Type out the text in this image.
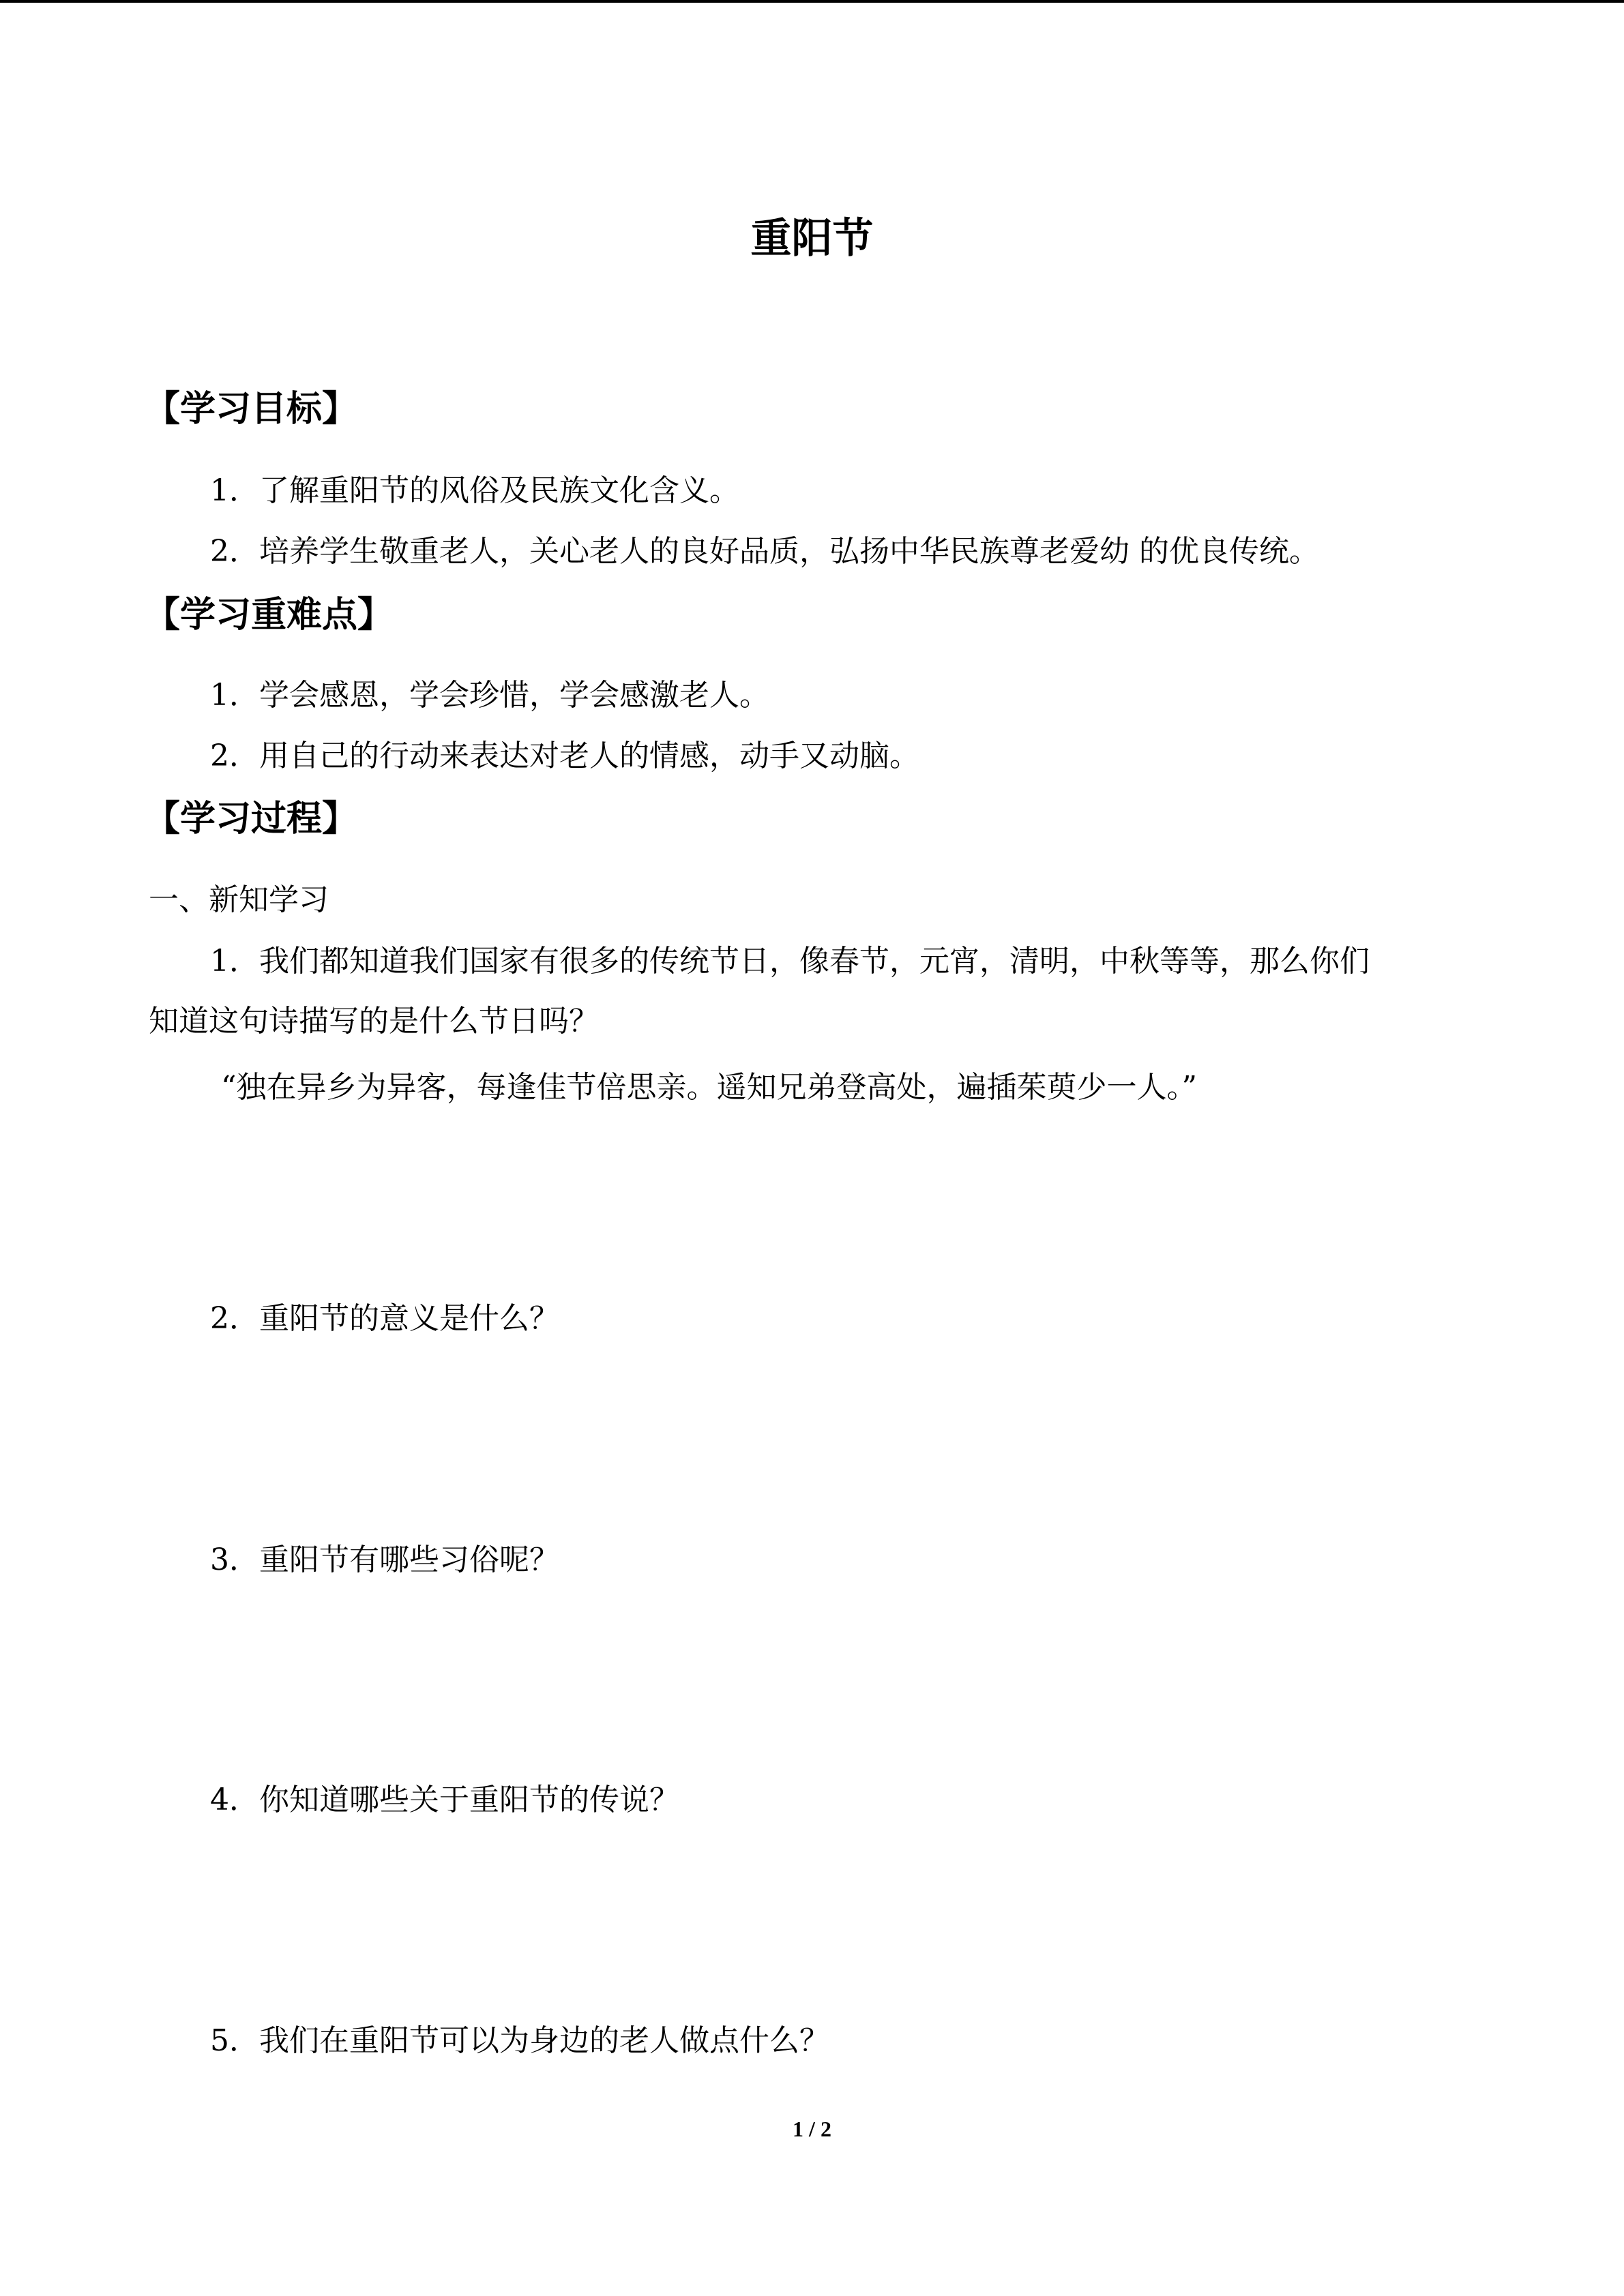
重阳节
【学习目标】

1．了解重阳节的风俗及民族文化含义。

2．培养学生敬重老人，关心老人的良好品质，弘扬中华民族尊老爱幼 的优良传统。

【学习重难点】

1．学会感恩，学会珍惜，学会感激老人。

2．用自己的行动来表达对老人的情感，动手又动脑。

【学习过程】

一、新知学习

1．我们都知道我们国家有很多的传统节日，像春节，元宵，清明，中秋等等，那么你们

知道这句诗描写的是什么节日吗？

“独在异乡为异客，每逢佳节倍思亲。遥知兄弟登高处，遍插茱萸少一人。”

2．重阳节的意义是什么？

3．重阳节有哪些习俗呢？

4．你知道哪些关于重阳节的传说？

5．我们在重阳节可以为身边的老人做点什么？

1 / 2
